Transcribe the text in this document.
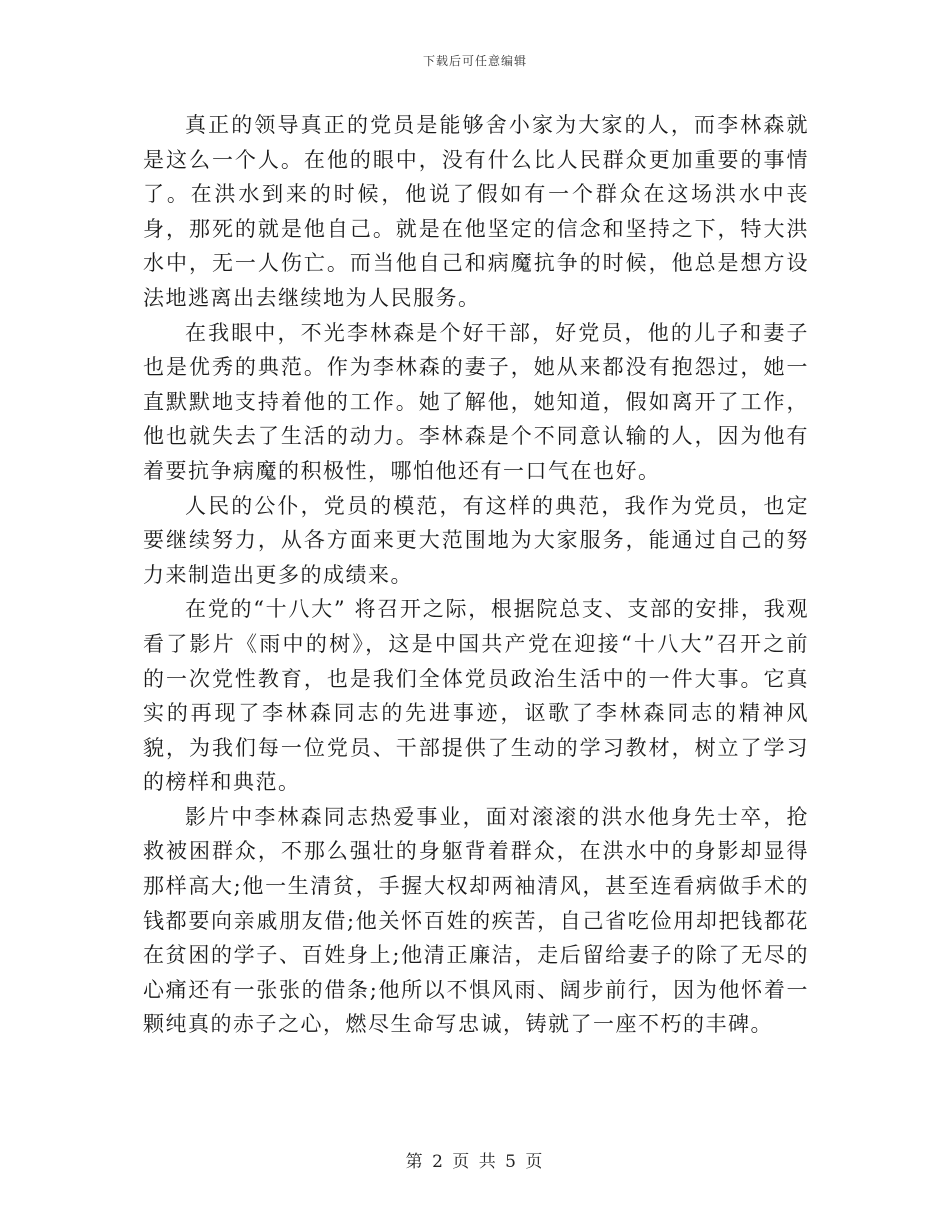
下载后可任意编辑

真正的领导真正的党员是能够舍小家为大家的人，而李林森就是这么一个人。在他的眼中，没有什么比人民群众更加重要的事情了。在洪水到来的时候，他说了假如有一个群众在这场洪水中丧身，那死的就是他自己。就是在他坚定的信念和坚持之下，特大洪水中，无一人伤亡。而当他自己和病魔抗争的时候，他总是想方设法地逃离出去继续地为人民服务。

在我眼中，不光李林森是个好干部，好党员，他的儿子和妻子也是优秀的典范。作为李林森的妻子，她从来都没有抱怨过，她一直默默地支持着他的工作。她了解他，她知道，假如离开了工作，他也就失去了生活的动力。李林森是个不同意认输的人，因为他有着要抗争病魔的积极性，哪怕他还有一口气在也好。

人民的公仆，党员的模范，有这样的典范，我作为党员，也定要继续努力，从各方面来更大范围地为大家服务，能通过自己的努力来制造出更多的成绩来。

在党的“十八大” 将召开之际，根据院总支、支部的安排，我观看了影片《雨中的树》，这是中国共产党在迎接“十八大”召开之前的一次党性教育，也是我们全体党员政治生活中的一件大事。它真实的再现了李林森同志的先进事迹，讴歌了李林森同志的精神风貌，为我们每一位党员、干部提供了生动的学习教材，树立了学习的榜样和典范。

影片中李林森同志热爱事业，面对滚滚的洪水他身先士卒，抢救被困群众，不那么强壮的身躯背着群众，在洪水中的身影却显得那样高大;他一生清贫，手握大权却两袖清风，甚至连看病做手术的钱都要向亲戚朋友借;他关怀百姓的疾苦，自己省吃俭用却把钱都花在贫困的学子、百姓身上;他清正廉洁，走后留给妻子的除了无尽的心痛还有一张张的借条;他所以不惧风雨、阔步前行，因为他怀着一颗纯真的赤子之心，燃尽生命写忠诚，铸就了一座不朽的丰碑。

第 2 页 共 5 页
